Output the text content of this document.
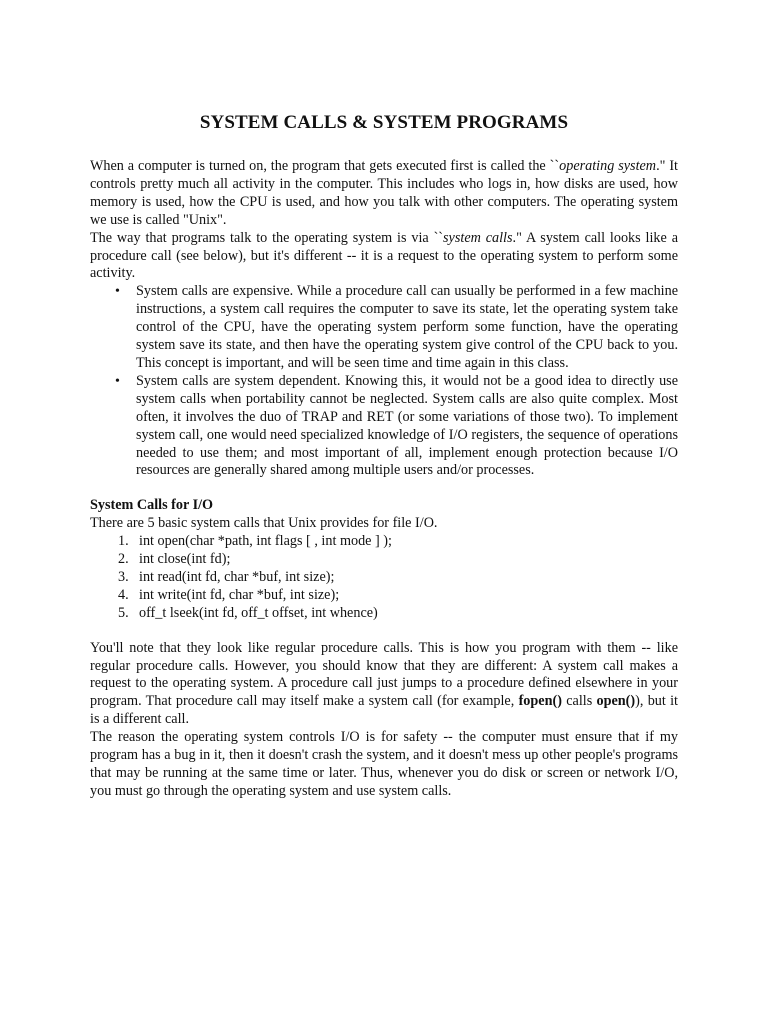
SYSTEM CALLS & SYSTEM PROGRAMS

When a computer is turned on, the program that gets executed first is called the ``operating system." It controls pretty much all activity in the computer. This includes who logs in, how disks are used, how memory is used, how the CPU is used, and how you talk with other computers. The operating system we use is called "Unix".

The way that programs talk to the operating system is via ``system calls." A system call looks like a procedure call (see below), but it's different -- it is a request to the operating system to perform some activity.

• System calls are expensive. While a procedure call can usually be performed in a few machine instructions, a system call requires the computer to save its state, let the operating system take control of the CPU, have the operating system perform some function, have the operating system save its state, and then have the operating system give control of the CPU back to you. This concept is important, and will be seen time and time again in this class.
• System calls are system dependent. Knowing this, it would not be a good idea to directly use system calls when portability cannot be neglected. System calls are also quite complex. Most often, it involves the duo of TRAP and RET (or some variations of those two). To implement system call, one would need specialized knowledge of I/O registers, the sequence of operations needed to use them; and most important of all, implement enough protection because I/O resources are generally shared among multiple users and/or processes.

System Calls for I/O

There are 5 basic system calls that Unix provides for file I/O.

1. int open(char *path, int flags [ , int mode ] );
2. int close(int fd);
3. int read(int fd, char *buf, int size);
4. int write(int fd, char *buf, int size);
5. off_t lseek(int fd, off_t offset, int whence)

You'll note that they look like regular procedure calls. This is how you program with them -- like regular procedure calls. However, you should know that they are different: A system call makes a request to the operating system. A procedure call just jumps to a procedure defined elsewhere in your program. That procedure call may itself make a system call (for example, fopen() calls open()), but it is a different call.

The reason the operating system controls I/O is for safety -- the computer must ensure that if my program has a bug in it, then it doesn't crash the system, and it doesn't mess up other people's programs that may be running at the same time or later. Thus, whenever you do disk or screen or network I/O, you must go through the operating system and use system calls.
